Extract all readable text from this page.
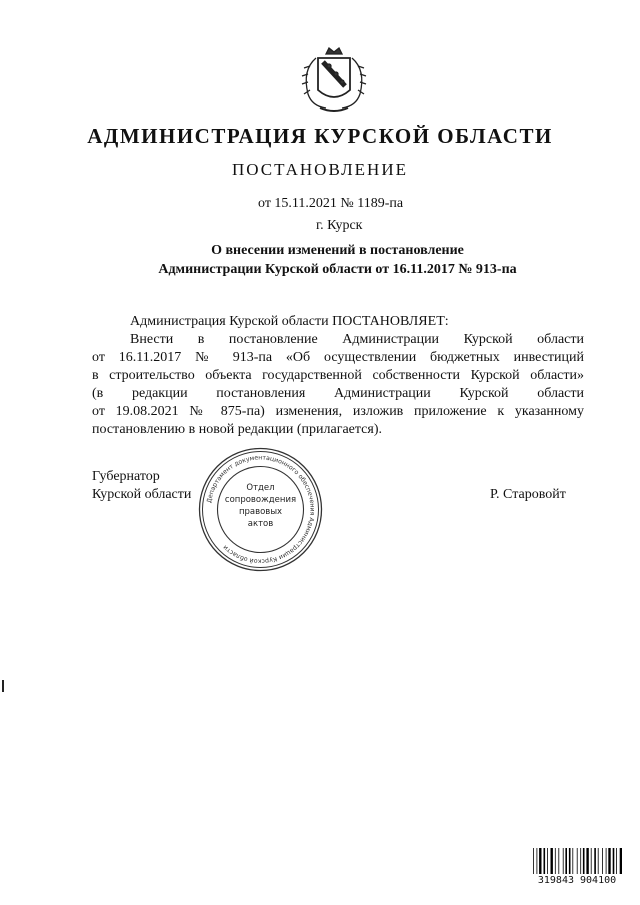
АДМИНИСТРАЦИЯ КУРСКОЙ ОБЛАСТИ
ПОСТАНОВЛЕНИЕ
от 15.11.2021 № 1189-па
г. Курск
О внесении изменений в постановление
Администрации Курской области от 16.11.2017 № 913-па
Администрация Курской области ПОСТАНОВЛЯЕТ:
Внести в постановление Администрации Курской области
от 16.11.2017 № 913-па «Об осуществлении бюджетных инвестиций
в строительство объекта государственной собственности Курской области»
(в редакции постановления Администрации Курской области
от 19.08.2021 № 875-па) изменения, изложив приложение к указанному
постановлению в новой редакции (прилагается).
Губернатор
Курской области	Р. Старовойт
Департамент документационного обеспечения Администрации Курской области
Отдел
сопровождения
правовых
актов
319843 904100
